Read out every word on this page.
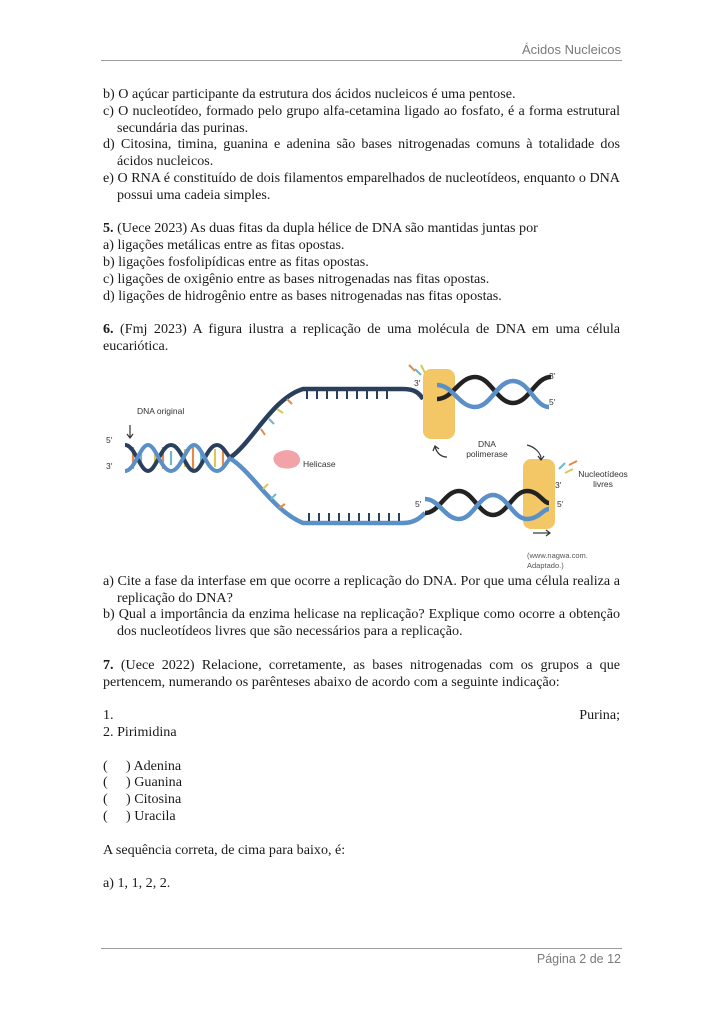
Ácidos Nucleicos
b) O açúcar participante da estrutura dos ácidos nucleicos é uma pentose.
c) O nucleotídeo, formado pelo grupo alfa-cetamina ligado ao fosfato, é a forma estrutural secundária das purinas.
d) Citosina, timina, guanina e adenina são bases nitrogenadas comuns à totalidade dos ácidos nucleicos.
e) O RNA é constituído de dois filamentos emparelhados de nucleotídeos, enquanto o DNA possui uma cadeia simples.
5. (Uece 2023) As duas fitas da dupla hélice de DNA são mantidas juntas por
a) ligações metálicas entre as fitas opostas.
b) ligações fosfolipídicas entre as fitas opostas.
c) ligações de oxigênio entre as bases nitrogenadas nas fitas opostas.
d) ligações de hidrogênio entre as bases nitrogenadas nas fitas opostas.
6. (Fmj 2023) A figura ilustra a replicação de uma molécula de DNA em uma célula eucariótica.
DNA original
Helicase
DNA
polimerase
Nucleotídeos
livres
5′
3′
3′
5′
3′
5′
3′
5′
(www.nagwa.com. Adaptado.)
a) Cite a fase da interfase em que ocorre a replicação do DNA. Por que uma célula realiza a replicação do DNA?
b) Qual a importância da enzima helicase na replicação? Explique como ocorre a obtenção dos nucleotídeos livres que são necessários para a replicação.
7. (Uece 2022) Relacione, corretamente, as bases nitrogenadas com os grupos a que pertencem, numerando os parênteses abaixo de acordo com a seguinte indicação:
1.	Purina;
2. Pirimidina
(	) Adenina
(	) Guanina
(	) Citosina
(	) Uracila
A sequência correta, de cima para baixo, é:
a) 1, 1, 2, 2.
Página 2 de 12
